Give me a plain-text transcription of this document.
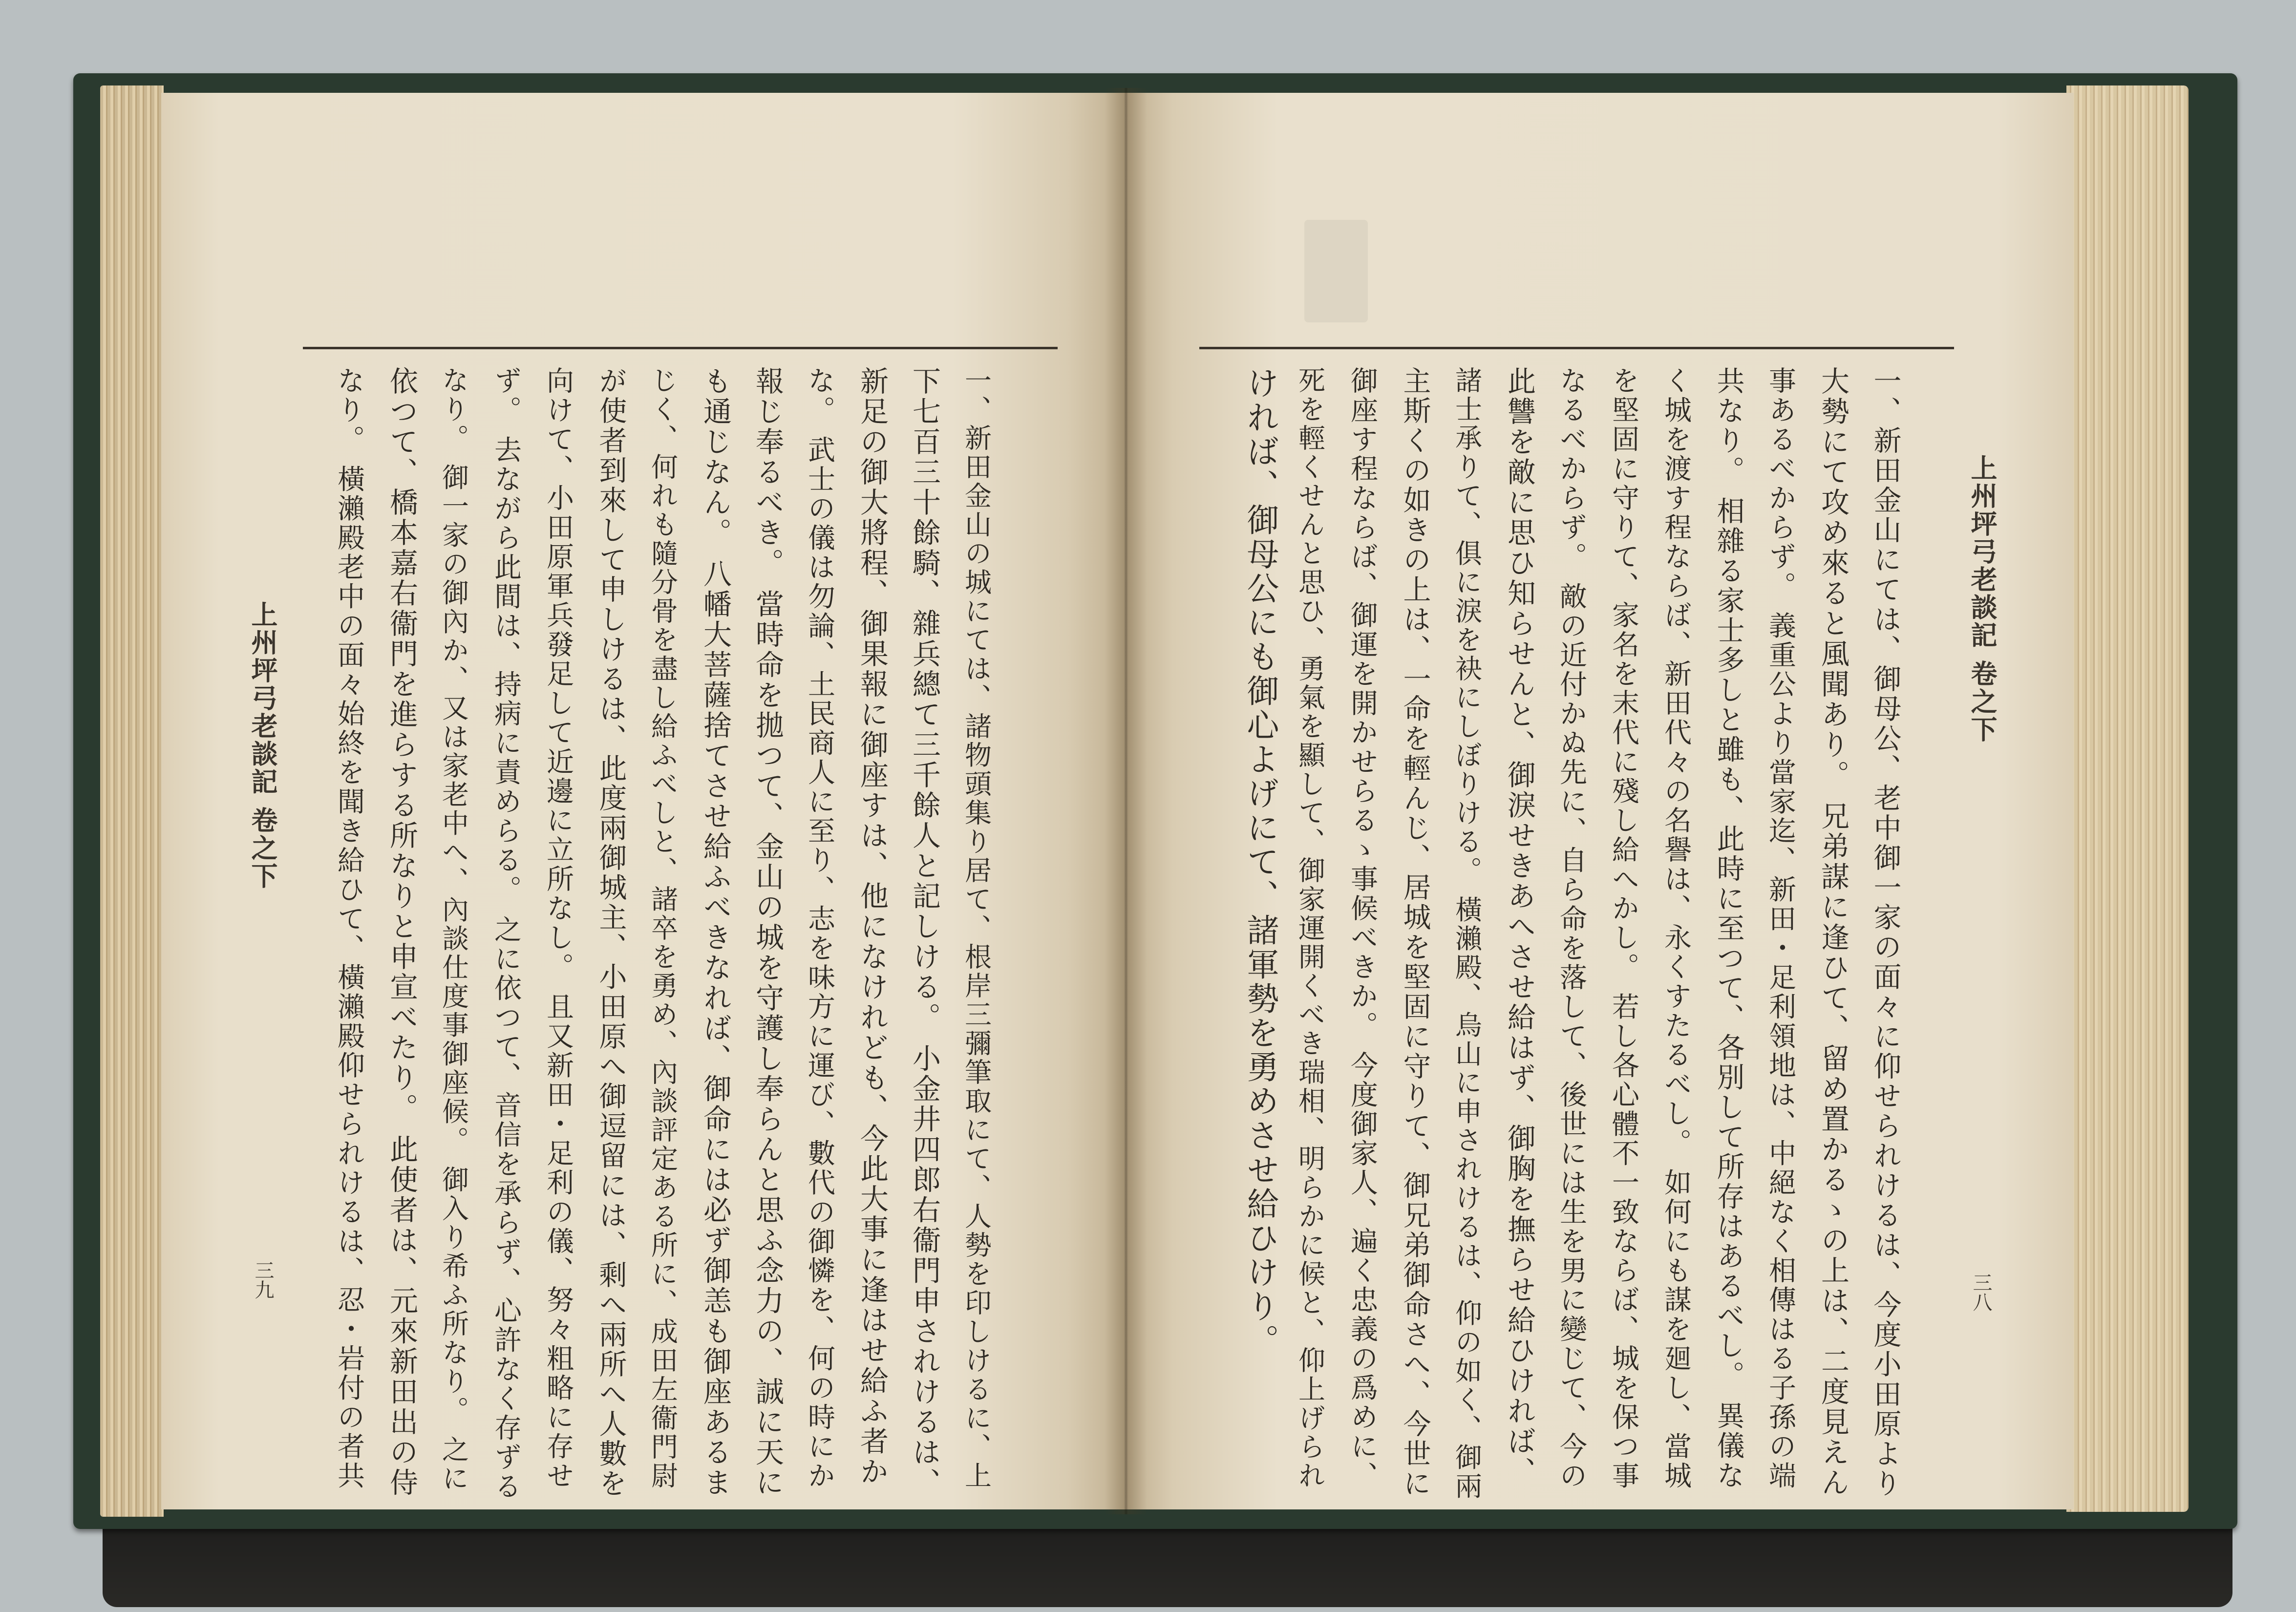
一、新田金山の城にては、諸物頭集り居て、根岸三彌筆取にて、人勢を印しけるに、上
下七百三十餘騎、雜兵總て三千餘人と記しける。 小金井四郎右衞門申されけるは、
新足の御大將程、御果報に御座すは、他になけれども、今此大事に逢はせ給ふ者か
な。 武士の儀は勿論、土民商人に至り、志を味方に運び、數代の御憐を、何の時にか
報じ奉るべき。 當時命を拋つて、金山の城を守護し奉らんと思ふ念力の、誠に天に
も通じなん。 八幡大菩薩捨てさせ給ふべきなれば、御命には必ず御恙も御座あるま
じく、何れも隨分骨を盡し給ふべしと、諸卒を勇め、內談評定ある所に、成田左衞門尉
が使者到來して申しけるは、此度兩御城主、小田原へ御逗留には、剩へ兩所へ人數を
向けて、小田原軍兵發足して近邊に立所なし。 且又新田・足利の儀、努々粗略に存せ
ず。 去ながら此間は、持病に責めらる。 之に依つて、音信を承らず、心許なく存ずる
なり。 御一家の御內か、又は家老中へ、內談仕度事御座候。 御入り希ふ所なり。 之に
依つて、橋本嘉右衞門を進らする所なりと申宣べたり。 此使者は、元來新田出の侍
なり。 橫瀨殿老中の面々始終を聞き給ひて、橫瀨殿仰せられけるは、忍・岩付の者共
上州坪弓老談記 卷之下
三九	一、新田金山にては、御母公、老中御一家の面々に仰せられけるは、今度小田原より
大勢にて攻め來ると風聞あり。 兄弟謀に逢ひて、留め置かるゝの上は、二度見えん
事あるべからず。 義重公より當家迄、新田・足利領地は、中絕なく相傳はる子孫の端
共なり。 相雜る家士多しと雖も、此時に至つて、各別して所存はあるべし。 異儀な
く城を渡す程ならば、新田代々の名譽は、永くすたるべし。 如何にも謀を廻し、當城
を堅固に守りて、家名を末代に殘し給へかし。 若し各心體不一致ならば、城を保つ事
なるべからず。 敵の近付かぬ先に、自ら命を落して、後世には生を男に變じて、今の
此讐を敵に思ひ知らせんと、御淚せきあへさせ給はず、御胸を撫らせ給ひければ、
諸士承りて、俱に淚を袂にしぼりける。 橫瀨殿、烏山に申されけるは、仰の如く、御兩
主斯くの如きの上は、一命を輕んじ、居城を堅固に守りて、御兄弟御命さへ、今世に
御座す程ならば、御運を開かせらるゝ事候べきか。 今度御家人、遍く忠義の爲めに、
死を輕くせんと思ひ、勇氣を顯して、御家運開くべき瑞相、明らかに候と、仰上げられ
ければ、御母公にも御心よげにて、諸軍勢を勇めさせ給ひけり。	上州坪弓老談記 卷之下
三八
